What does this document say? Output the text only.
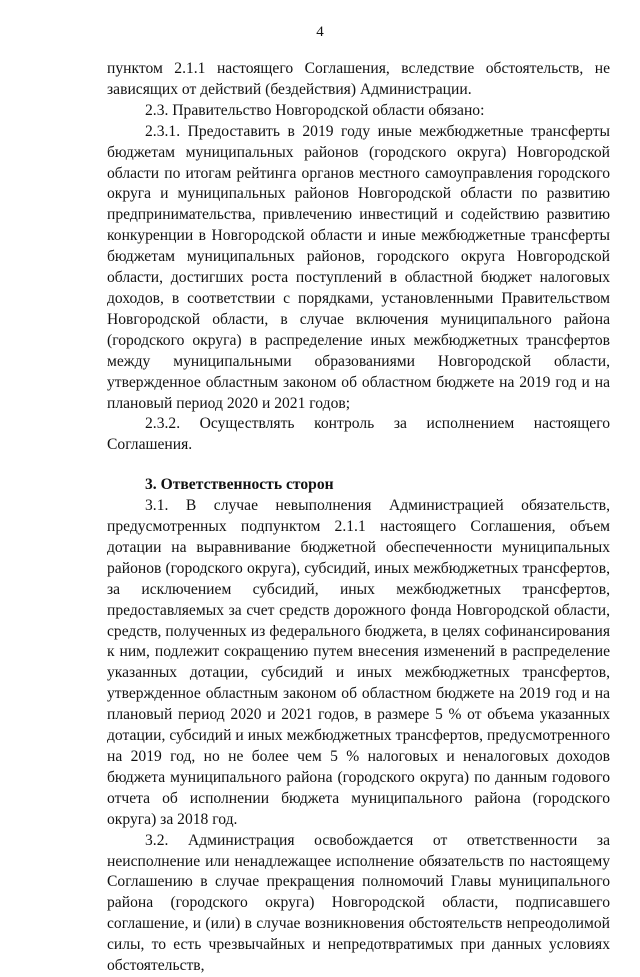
4

пунктом 2.1.1 настоящего Соглашения, вследствие обстоятельств, не зависящих от действий (бездействия) Администрации.

2.3. Правительство Новгородской области обязано:

2.3.1. Предоставить в 2019 году иные межбюджетные трансферты бюджетам муниципальных районов (городского округа) Новгородской области по итогам рейтинга органов местного самоуправления городского округа и муниципальных районов Новгородской области по развитию предпринимательства, привлечению инвестиций и содействию развитию конкуренции в Новгородской области и иные межбюджетные трансферты бюджетам муниципальных районов, городского округа Новгородской области, достигших роста поступлений в областной бюджет налоговых доходов, в соответствии с порядками, установленными Правительством Новгородской области, в случае включения муниципального района (городского округа) в распределение иных межбюджетных трансфертов между муниципальными образованиями Новгородской области, утвержденное областным законом об областном бюджете на 2019 год и на плановый период 2020 и 2021 годов;

2.3.2. Осуществлять контроль за исполнением настоящего Соглашения.

3. Ответственность сторон

3.1. В случае невыполнения Администрацией обязательств, предусмотренных подпунктом 2.1.1 настоящего Соглашения, объем дотации на выравнивание бюджетной обеспеченности муниципальных районов (городского округа), субсидий, иных межбюджетных трансфертов, за исключением субсидий, иных межбюджетных трансфертов, предоставляемых за счет средств дорожного фонда Новгородской области, средств, полученных из федерального бюджета, в целях софинансирования к ним, подлежит сокращению путем внесения изменений в распределение указанных дотации, субсидий и иных межбюджетных трансфертов, утвержденное областным законом об областном бюджете на 2019 год и на плановый период 2020 и 2021 годов, в размере 5 % от объема указанных дотации, субсидий и иных межбюджетных трансфертов, предусмотренного на 2019 год, но не более чем 5 % налоговых и неналоговых доходов бюджета муниципального района (городского округа) по данным годового отчета об исполнении бюджета муниципального района (городского округа) за 2018 год.

3.2. Администрация освобождается от ответственности за неисполнение или ненадлежащее исполнение обязательств по настоящему Соглашению в случае прекращения полномочий Главы муниципального района (городского округа) Новгородской области, подписавшего соглашение, и (или) в случае возникновения обстоятельств непреодолимой силы, то есть чрезвычайных и непредотвратимых при данных условиях обстоятельств,
